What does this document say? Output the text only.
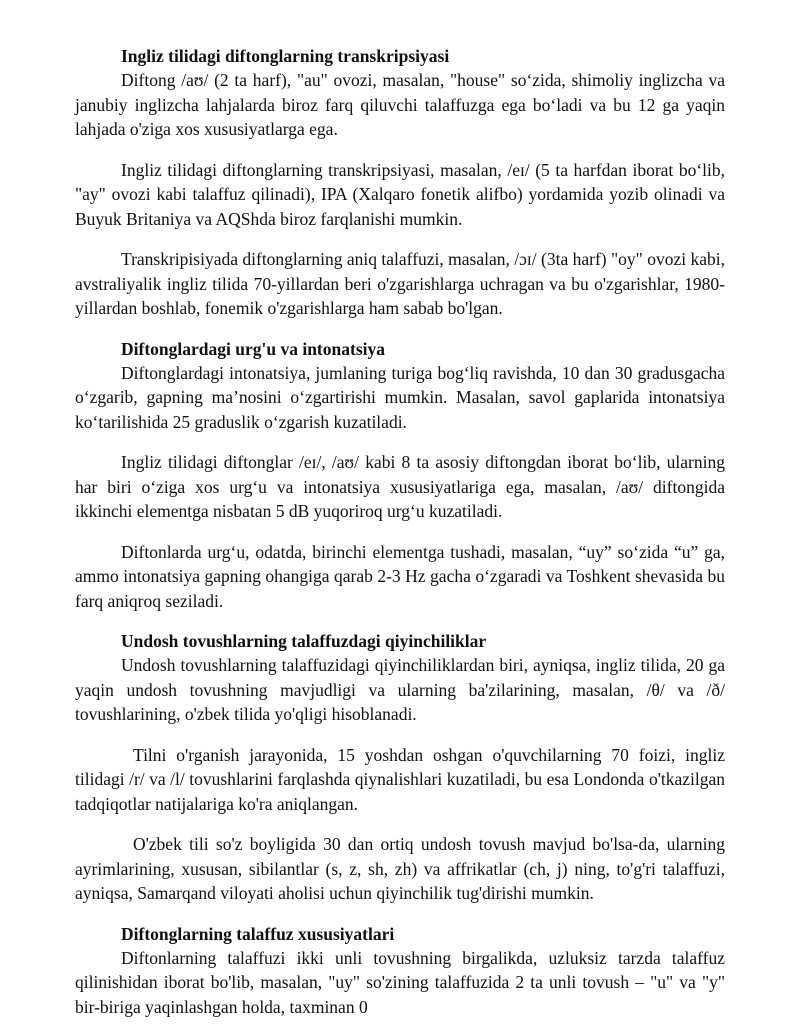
Ingliz tilidagi diftonglarning transkripsiyasi

Diftong /aʊ/ (2 ta harf), "au" ovozi, masalan, "house" so‘zida, shimoliy inglizcha va janubiy inglizcha lahjalarda biroz farq qiluvchi talaffuzga ega bo‘ladi va bu 12 ga yaqin lahjada o'ziga xos xususiyatlarga ega.

Ingliz tilidagi diftonglarning transkripsiyasi, masalan, /eɪ/ (5 ta harfdan iborat bo‘lib, "ay" ovozi kabi talaffuz qilinadi), IPA (Xalqaro fonetik alifbo) yordamida yozib olinadi va Buyuk Britaniya va AQShda biroz farqlanishi mumkin.

Transkripisiyada diftonglarning aniq talaffuzi, masalan, /ɔɪ/ (3ta harf) "oy" ovozi kabi, avstraliyalik ingliz tilida 70-yillardan beri o'zgarishlarga uchragan va bu o'zgarishlar, 1980-yillardan boshlab, fonemik o'zgarishlarga ham sabab bo'lgan.

Diftonglardagi urg'u va intonatsiya

Diftonglardagi intonatsiya, jumlaning turiga bog‘liq ravishda, 10 dan 30 gradusgacha o‘zgarib, gapning ma’nosini o‘zgartirishi mumkin. Masalan, savol gaplarida intonatsiya ko‘tarilishida 25 graduslik o‘zgarish kuzatiladi.

Ingliz tilidagi diftonglar /eɪ/, /aʊ/ kabi 8 ta asosiy diftongdan iborat bo‘lib, ularning har biri o‘ziga xos urg‘u va intonatsiya xususiyatlariga ega, masalan, /aʊ/ diftongida ikkinchi elementga nisbatan 5 dB yuqoriroq urg‘u kuzatiladi.

Diftonlarda urg‘u, odatda, birinchi elementga tushadi, masalan, “uy” so‘zida “u” ga, ammo intonatsiya gapning ohangiga qarab 2-3 Hz gacha o‘zgaradi va Toshkent shevasida bu farq aniqroq seziladi.

Undosh tovushlarning talaffuzdagi qiyinchiliklar

Undosh tovushlarning talaffuzidagi qiyinchiliklardan biri, ayniqsa, ingliz tilida, 20 ga yaqin undosh tovushning mavjudligi va ularning ba'zilarining, masalan, /θ/ va /ð/ tovushlarining, o'zbek tilida yo'qligi hisoblanadi.

Tilni o'rganish jarayonida, 15 yoshdan oshgan o'quvchilarning 70 foizi, ingliz tilidagi /r/ va /l/ tovushlarini farqlashda qiynalishlari kuzatiladi, bu esa Londonda o'tkazilgan tadqiqotlar natijalariga ko'ra aniqlangan.

O'zbek tili so'z boyligida 30 dan ortiq undosh tovush mavjud bo'lsa-da, ularning ayrimlarining, xususan, sibilantlar (s, z, sh, zh) va affrikatlar (ch, j) ning, to'g'ri talaffuzi, ayniqsa, Samarqand viloyati aholisi uchun qiyinchilik tug'dirishi mumkin.

Diftonglarning talaffuz xususiyatlari

Diftonlarning talaffuzi ikki unli tovushning birgalikda, uzluksiz tarzda talaffuz qilinishidan iborat bo'lib, masalan, "uy" so'zining talaffuzida 2 ta unli tovush – "u" va "y" bir-biriga yaqinlashgan holda, taxminan 0
